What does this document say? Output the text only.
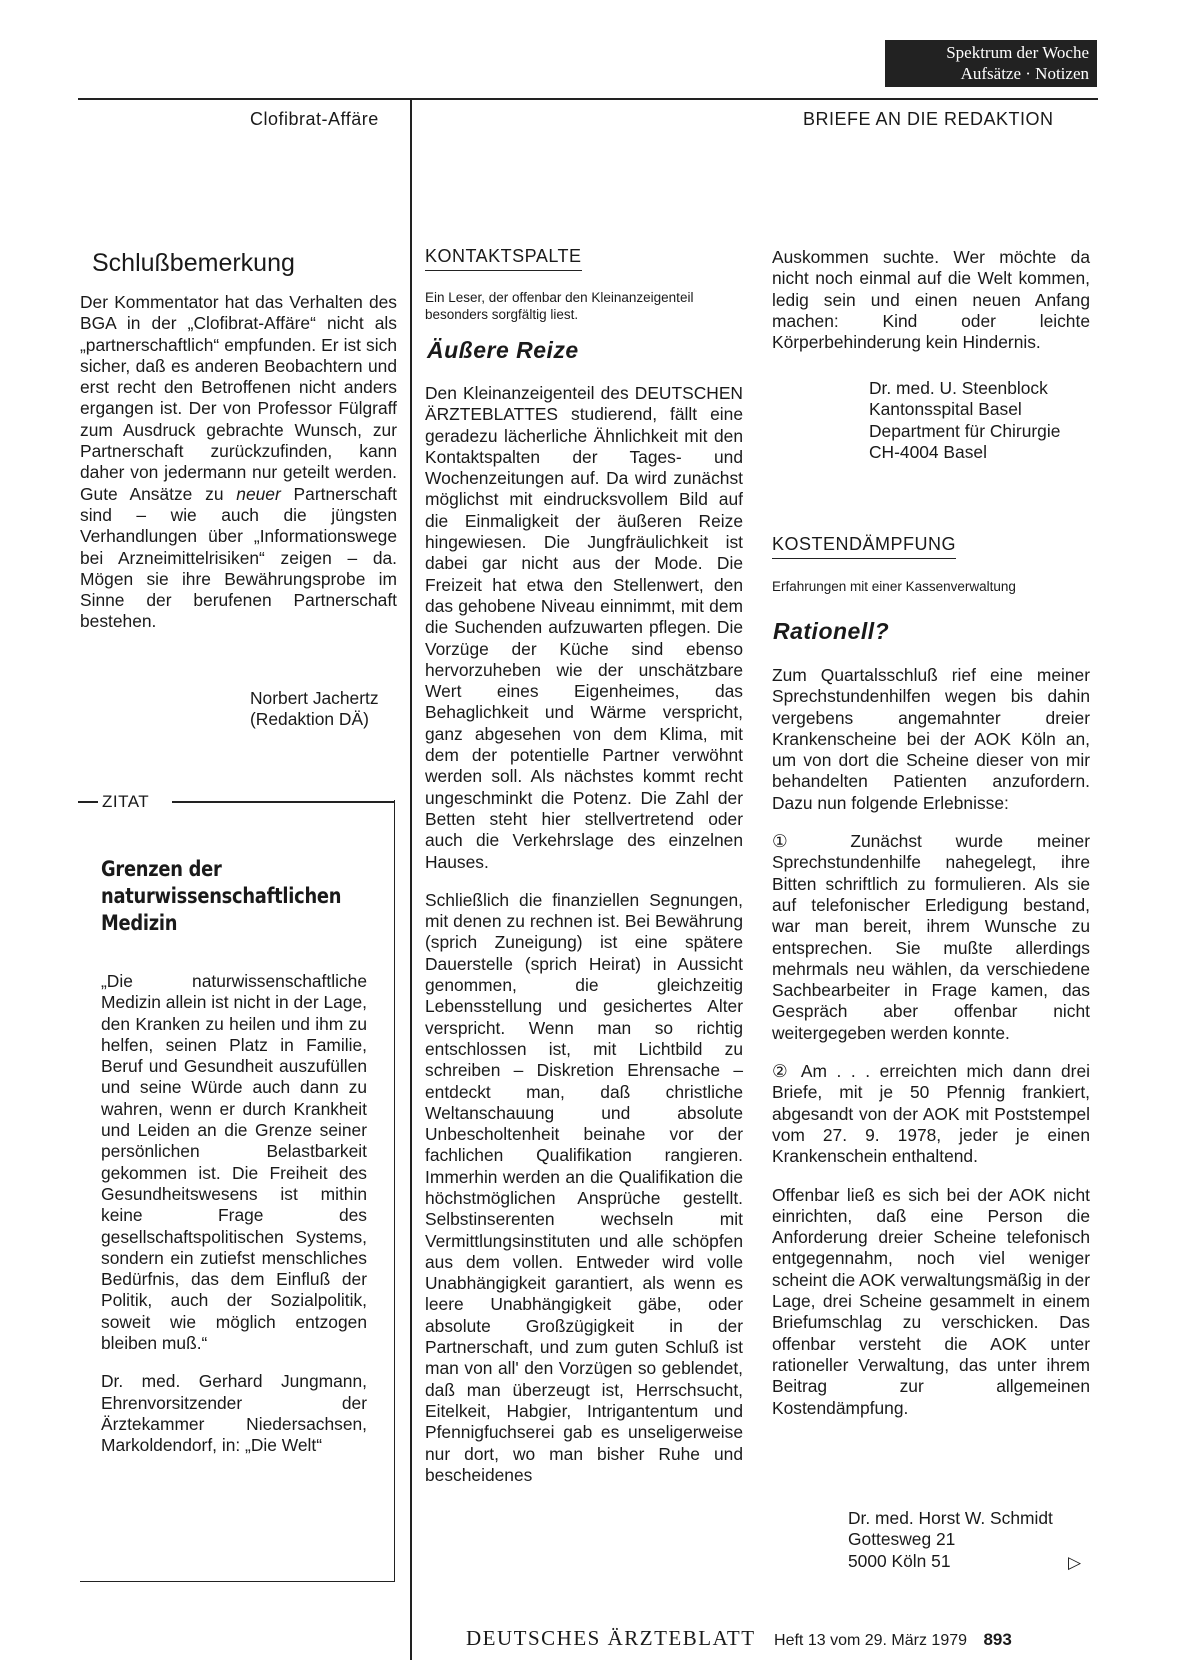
Spektrum der Woche
Aufsätze · Notizen
Clofibrat-Affäre	BRIEFE AN DIE REDAKTION
Schlußbemerkung

Der Kommentator hat das Verhalten des BGA in der „Clofibrat-Affäre“ nicht als „partnerschaftlich“ empfunden. Er ist sich sicher, daß es anderen Beobachtern und erst recht den Betroffenen nicht anders ergangen ist. Der von Professor Fülgraff zum Ausdruck gebrachte Wunsch, zur Partnerschaft zurückzufinden, kann daher von jedermann nur geteilt werden. Gute Ansätze zu neuer Partnerschaft sind – wie auch die jüngsten Verhandlungen über „Informationswege bei Arzneimittelrisiken“ zeigen – da. Mögen sie ihre Bewährungsprobe im Sinne der berufenen Partnerschaft bestehen.

Norbert Jachertz
(Redaktion DÄ)
ZITAT
Grenzen der
naturwissenschaftlichen
Medizin

„Die naturwissenschaftliche Medizin allein ist nicht in der Lage, den Kranken zu heilen und ihm zu helfen, seinen Platz in Familie, Beruf und Gesundheit auszufüllen und seine Würde auch dann zu wahren, wenn er durch Krankheit und Leiden an die Grenze seiner persönlichen Belastbarkeit gekommen ist. Die Freiheit des Gesundheitswesens ist mithin keine Frage des gesellschaftspolitischen Systems, sondern ein zutiefst menschliches Bedürfnis, das dem Einfluß der Politik, auch der Sozialpolitik, soweit wie möglich entzogen bleiben muß.“

Dr. med. Gerhard Jungmann, Ehrenvorsitzender der Ärztekammer Niedersachsen, Markoldendorf, in: „Die Welt“

KONTAKTSPALTE
Ein Leser, der offenbar den Kleinanzeigenteil besonders sorgfältig liest.
Äußere Reize

Den Kleinanzeigenteil des DEUTSCHEN ÄRZTEBLATTES studierend, fällt eine geradezu lächerliche Ähnlichkeit mit den Kontaktspalten der Tages- und Wochenzeitungen auf. Da wird zunächst möglichst mit eindrucksvollem Bild auf die Einmaligkeit der äußeren Reize hingewiesen. Die Jungfräulichkeit ist dabei gar nicht aus der Mode. Die Freizeit hat etwa den Stellenwert, den das gehobene Niveau einnimmt, mit dem die Suchenden aufzuwarten pflegen. Die Vorzüge der Küche sind ebenso hervorzuheben wie der unschätzbare Wert eines Eigenheimes, das Behaglichkeit und Wärme verspricht, ganz abgesehen von dem Klima, mit dem der potentielle Partner verwöhnt werden soll. Als nächstes kommt recht ungeschminkt die Potenz. Die Zahl der Betten steht hier stellvertretend oder auch die Verkehrslage des einzelnen Hauses.

Schließlich die finanziellen Segnungen, mit denen zu rechnen ist. Bei Bewährung (sprich Zuneigung) ist eine spätere Dauerstelle (sprich Heirat) in Aussicht genommen, die gleichzeitig Lebensstellung und gesichertes Alter verspricht. Wenn man so richtig entschlossen ist, mit Lichtbild zu schreiben – Diskretion Ehrensache – entdeckt man, daß christliche Weltanschauung und absolute Unbescholtenheit beinahe vor der fachlichen Qualifikation rangieren. Immerhin werden an die Qualifikation die höchstmöglichen Ansprüche gestellt. Selbstinserenten wechseln mit Vermittlungsinstituten und alle schöpfen aus dem vollen. Entweder wird volle Unabhängigkeit garantiert, als wenn es leere Unabhängigkeit gäbe, oder absolute Großzügigkeit in der Partnerschaft, und zum guten Schluß ist man von all' den Vorzügen so geblendet, daß man überzeugt ist, Herrschsucht, Eitelkeit, Habgier, Intrigantentum und Pfennigfuchserei gab es unseligerweise nur dort, wo man bisher Ruhe und bescheidenes

Auskommen suchte. Wer möchte da nicht noch einmal auf die Welt kommen, ledig sein und einen neuen Anfang machen: Kind oder leichte Körperbehinderung kein Hindernis.

Dr. med. U. Steenblock
Kantonsspital Basel
Department für Chirurgie
CH-4004 Basel
KOSTENDÄMPFUNG
Erfahrungen mit einer Kassenverwaltung
Rationell?

Zum Quartalsschluß rief eine meiner Sprechstundenhilfen wegen bis dahin vergebens angemahnter dreier Krankenscheine bei der AOK Köln an, um von dort die Scheine dieser von mir behandelten Patienten anzufordern. Dazu nun folgende Erlebnisse:

① Zunächst wurde meiner Sprechstundenhilfe nahegelegt, ihre Bitten schriftlich zu formulieren. Als sie auf telefonischer Erledigung bestand, war man bereit, ihrem Wunsche zu entsprechen. Sie mußte allerdings mehrmals neu wählen, da verschiedene Sachbearbeiter in Frage kamen, das Gespräch aber offenbar nicht weitergegeben werden konnte.

② Am . . . erreichten mich dann drei Briefe, mit je 50 Pfennig frankiert, abgesandt von der AOK mit Poststempel vom 27. 9. 1978, jeder je einen Krankenschein enthaltend.

Offenbar ließ es sich bei der AOK nicht einrichten, daß eine Person die Anforderung dreier Scheine telefonisch entgegennahm, noch viel weniger scheint die AOK verwaltungsmäßig in der Lage, drei Scheine gesammelt in einem Briefumschlag zu verschicken. Das offenbar versteht die AOK unter rationeller Verwaltung, das unter ihrem Beitrag zur allgemeinen Kostendämpfung.

Dr. med. Horst W. Schmidt
Gottesweg 21
5000 Köln 51	▷
DEUTSCHES ÄRZTEBLATT Heft 13 vom 29. März 1979 893
